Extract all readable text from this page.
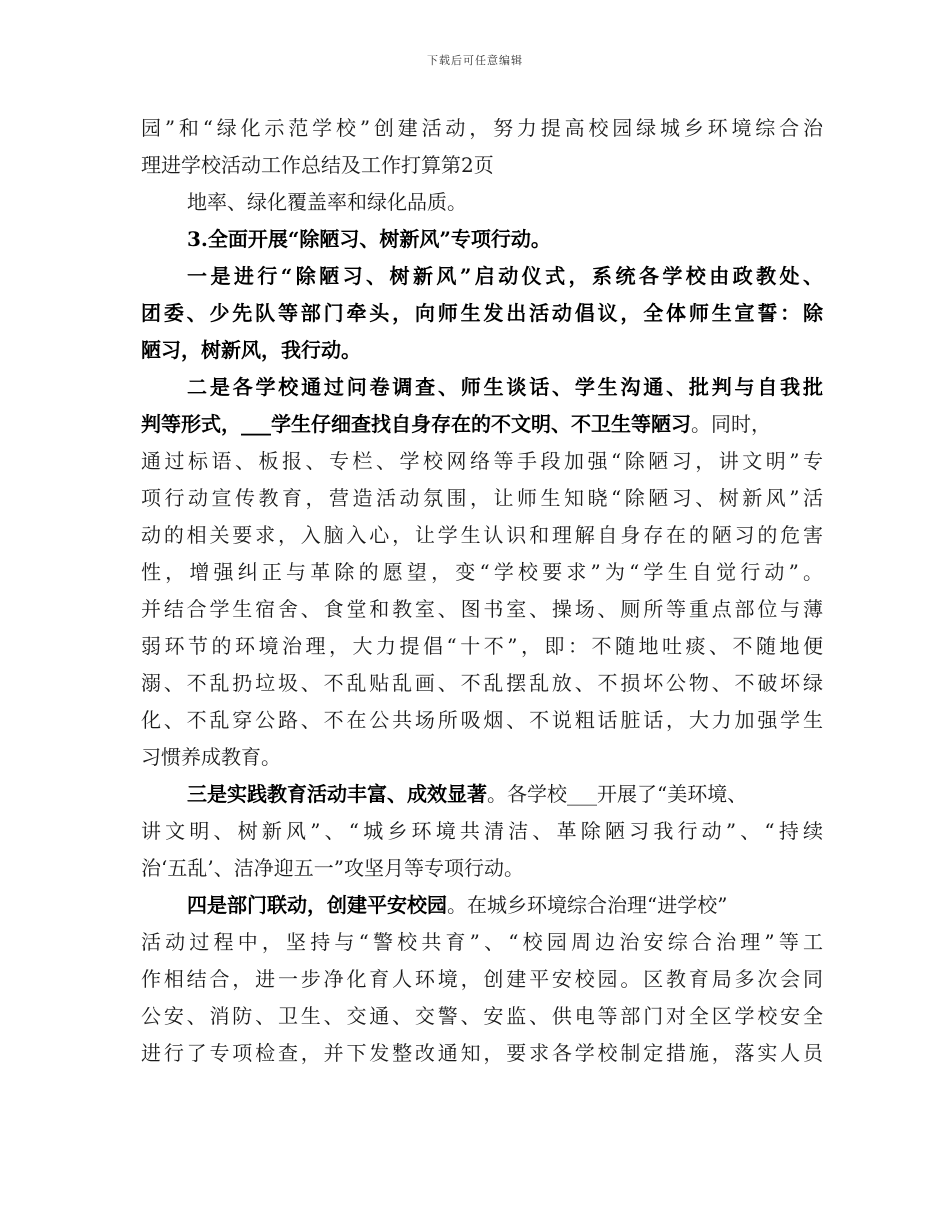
下载后可任意编辑
园”和“绿化示范学校”创建活动，努力提高校园绿城乡环境综合治
理进学校活动工作总结及工作打算第2页
地率、绿化覆盖率和绿化品质。
3.全面开展“除陋习、树新风”专项行动。
一是进行“除陋习、树新风”启动仪式，系统各学校由政教处、
团委、少先队等部门牵头，向师生发出活动倡议，全体师生宣誓：除
陋习，树新风，我行动。
二是各学校通过问卷调查、师生谈话、学生沟通、批判与自我批
判等形式，___学生仔细查找自身存在的不文明、不卫生等陋习。同时，
通过标语、板报、专栏、学校网络等手段加强“除陋习，讲文明”专
项行动宣传教育，营造活动氛围，让师生知晓“除陋习、树新风”活
动的相关要求，入脑入心，让学生认识和理解自身存在的陋习的危害
性，增强纠正与革除的愿望，变“学校要求”为“学生自觉行动”。
并结合学生宿舍、食堂和教室、图书室、操场、厕所等重点部位与薄
弱环节的环境治理，大力提倡“十不”，即：不随地吐痰、不随地便
溺、不乱扔垃圾、不乱贴乱画、不乱摆乱放、不损坏公物、不破坏绿
化、不乱穿公路、不在公共场所吸烟、不说粗话脏话，大力加强学生
习惯养成教育。
三是实践教育活动丰富、成效显著。各学校___开展了“美环境、
讲文明、树新风”、“城乡环境共清洁、革除陋习我行动”、“持续
治‘五乱’、洁净迎五一”攻坚月等专项行动。
四是部门联动，创建平安校园。在城乡环境综合治理“进学校”
活动过程中，坚持与“警校共育”、“校园周边治安综合治理”等工
作相结合，进一步净化育人环境，创建平安校园。区教育局多次会同
公安、消防、卫生、交通、交警、安监、供电等部门对全区学校安全
进行了专项检查，并下发整改通知，要求各学校制定措施，落实人员
